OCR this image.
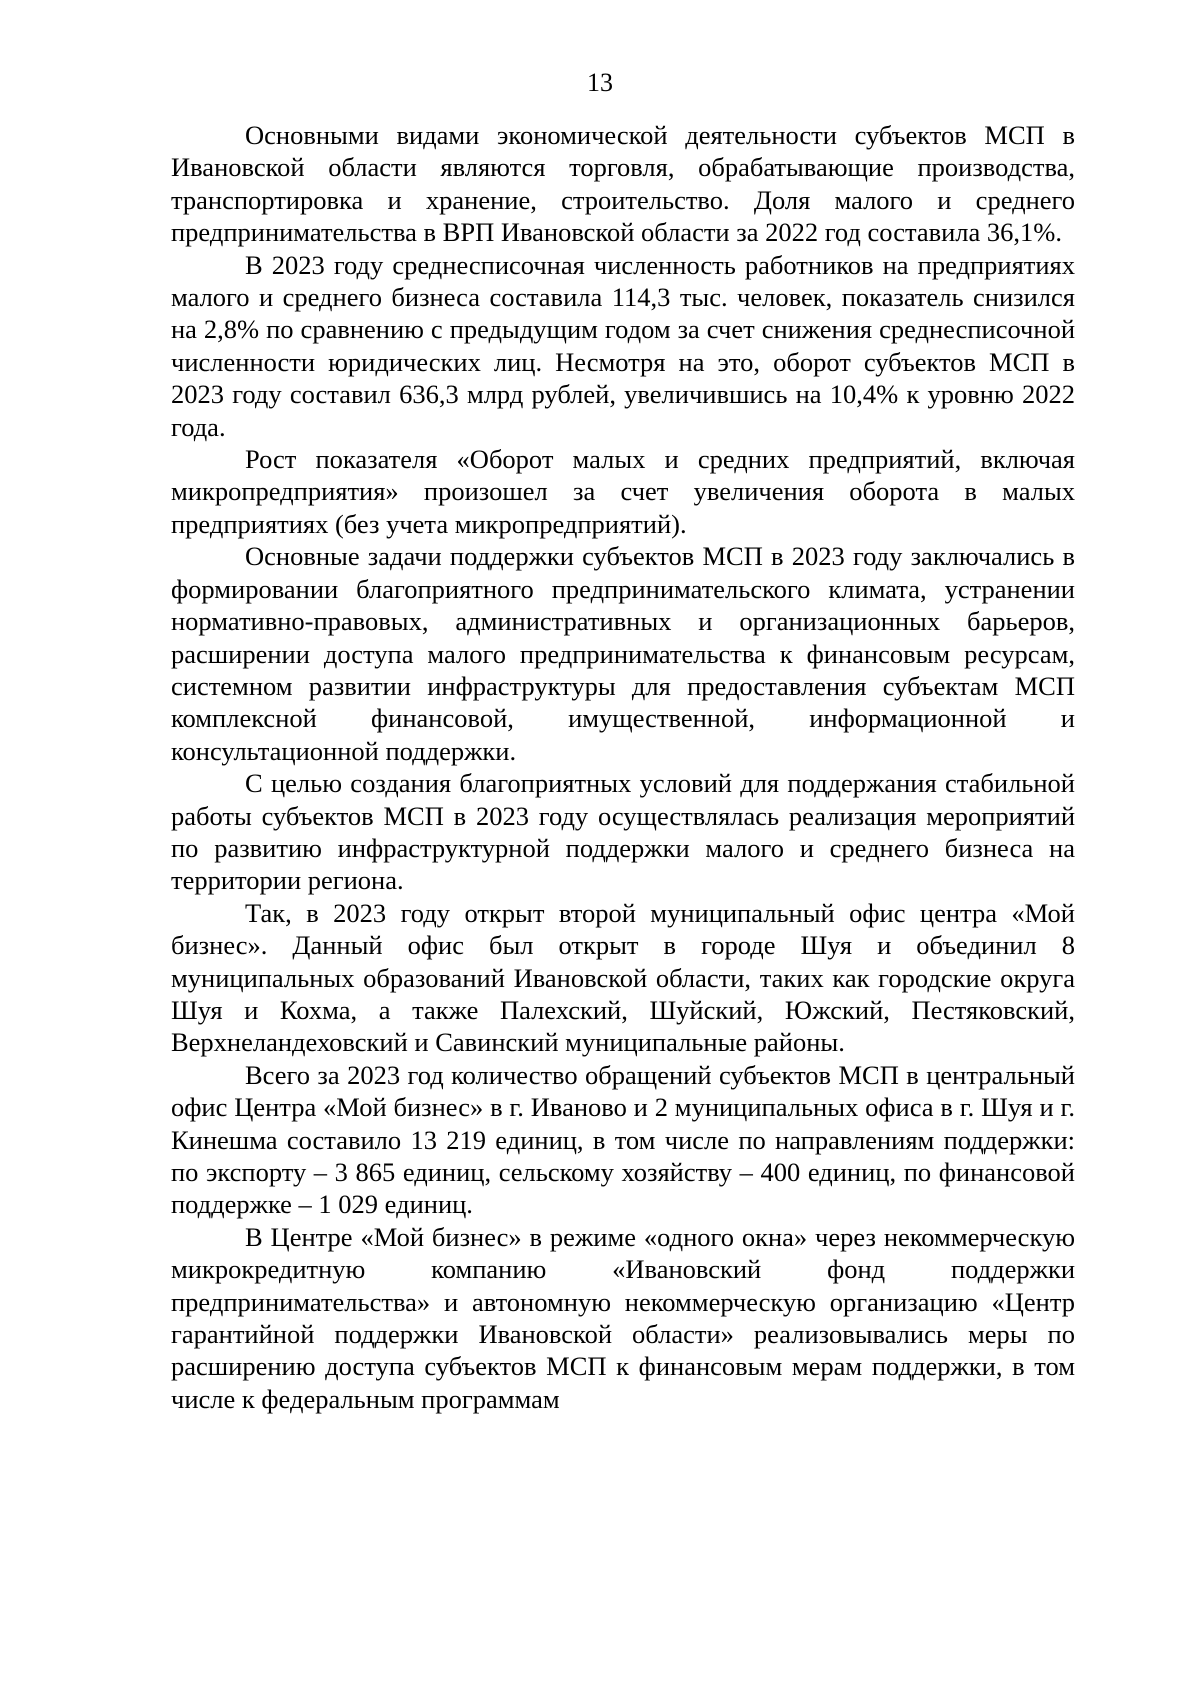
13

Основными видами экономической деятельности субъектов МСП в Ивановской области являются торговля, обрабатывающие производства, транспортировка и хранение, строительство. Доля малого и среднего предпринимательства в ВРП Ивановской области за 2022 год составила 36,1%.

В 2023 году среднесписочная численность работников на предприятиях малого и среднего бизнеса составила 114,3 тыс. человек, показатель снизился на 2,8% по сравнению с предыдущим годом за счет снижения среднесписочной численности юридических лиц. Несмотря на это, оборот субъектов МСП в 2023 году составил 636,3 млрд рублей, увеличившись на 10,4% к уровню 2022 года.

Рост показателя «Оборот малых и средних предприятий, включая микропредприятия» произошел за счет увеличения оборота в малых предприятиях (без учета микропредприятий).

Основные задачи поддержки субъектов МСП в 2023 году заключались в формировании благоприятного предпринимательского климата, устранении нормативно-правовых, административных и организационных барьеров, расширении доступа малого предпринимательства к финансовым ресурсам, системном развитии инфраструктуры для предоставления субъектам МСП комплексной финансовой, имущественной, информационной и консультационной поддержки.

С целью создания благоприятных условий для поддержания стабильной работы субъектов МСП в 2023 году осуществлялась реализация мероприятий по развитию инфраструктурной поддержки малого и среднего бизнеса на территории региона.

Так, в 2023 году открыт второй муниципальный офис центра «Мой бизнес». Данный офис был открыт в городе Шуя и объединил 8 муниципальных образований Ивановской области, таких как городские округа Шуя и Кохма, а также Палехский, Шуйский, Южский, Пестяковский, Верхнеландеховский и Савинский муниципальные районы.

Всего за 2023 год количество обращений субъектов МСП в центральный офис Центра «Мой бизнес» в г. Иваново и 2 муниципальных офиса в г. Шуя и г. Кинешма составило 13 219 единиц, в том числе по направлениям поддержки: по экспорту – 3 865 единиц, сельскому хозяйству – 400 единиц, по финансовой поддержке – 1 029 единиц.

В Центре «Мой бизнес» в режиме «одного окна» через некоммерческую микрокредитную компанию «Ивановский фонд поддержки предпринимательства» и автономную некоммерческую организацию «Центр гарантийной поддержки Ивановской области» реализовывались меры по расширению доступа субъектов МСП к финансовым мерам поддержки, в том числе к федеральным программам
